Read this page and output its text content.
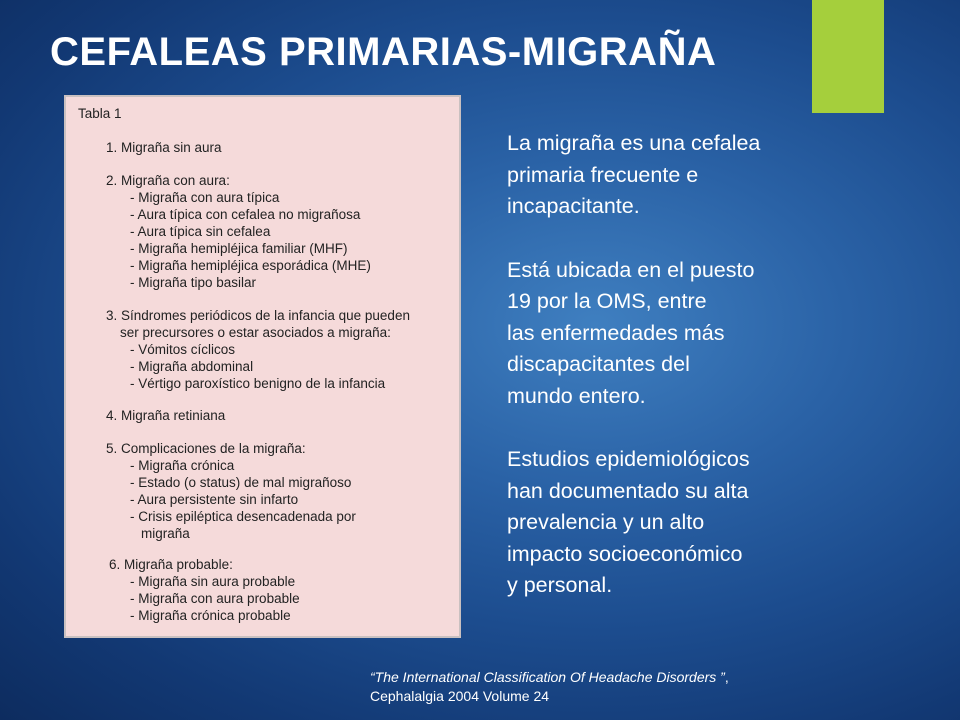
CEFALEAS PRIMARIAS-MIGRAÑA
Tabla 1
1. Migraña sin aura
2. Migraña con aura:
- Migraña con aura típica
- Aura típica con cefalea no migrañosa
- Aura típica sin cefalea
- Migraña hemipléjica familiar (MHF)
- Migraña hemipléjica esporádica (MHE)
- Migraña tipo basilar
3. Síndromes periódicos de la infancia que pueden
ser precursores o estar asociados a migraña:
- Vómitos cíclicos
- Migraña abdominal
- Vértigo paroxístico benigno de la infancia
4. Migraña retiniana
5. Complicaciones de la migraña:
- Migraña crónica
- Estado (o status) de mal migrañoso
- Aura persistente sin infarto
- Crisis epiléptica desencadenada por
migraña
6. Migraña probable:
- Migraña sin aura probable
- Migraña con aura probable
- Migraña crónica probable

La migraña es una cefalea
primaria frecuente e
incapacitante.

Está ubicada en el puesto
19 por la OMS, entre
las enfermedades más
discapacitantes del
mundo entero.

Estudios epidemiológicos
han documentado su alta
prevalencia y un alto
impacto socioeconómico
y personal.

“The International Classification Of Headache Disorders ”,
Cephalalgia 2004 Volume 24
